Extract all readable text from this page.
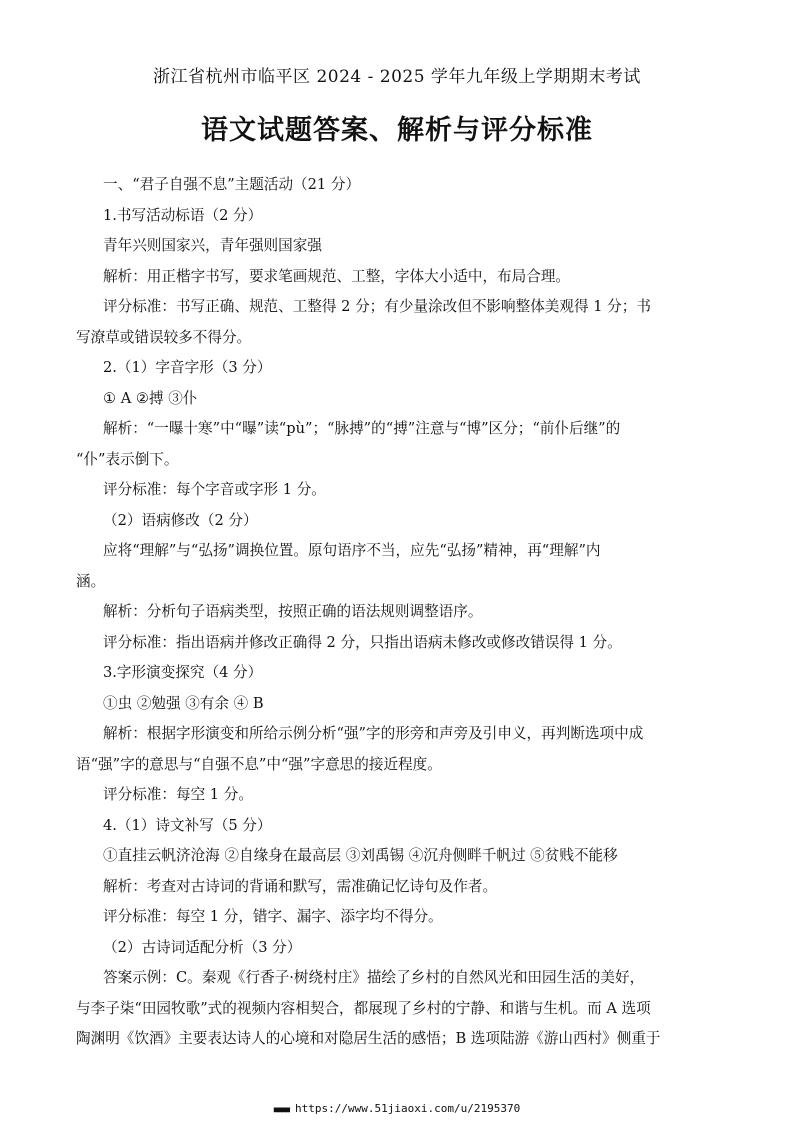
浙江省杭州市临平区 2024 - 2025 学年九年级上学期期末考试
语文试题答案、解析与评分标准

一、“君子自强不息”主题活动（21 分）

1.书写活动标语（2 分）

青年兴则国家兴，青年强则国家强

解析：用正楷字书写，要求笔画规范、工整，字体大小适中，布局合理。

评分标准：书写正确、规范、工整得 2 分；有少量涂改但不影响整体美观得 1 分；书

写潦草或错误较多不得分。

2.（1）字音字形（3 分）

① A ②搏 ③仆

解析：“一曝十寒”中“曝”读“pù”；“脉搏”的“搏”注意与“博”区分；“前仆后继”的

“仆”表示倒下。

评分标准：每个字音或字形 1 分。

（2）语病修改（2 分）

应将“理解”与“弘扬”调换位置。原句语序不当，应先“弘扬”精神，再“理解”内

涵。

解析：分析句子语病类型，按照正确的语法规则调整语序。

评分标准：指出语病并修改正确得 2 分，只指出语病未修改或修改错误得 1 分。

3.字形演变探究（4 分）

①虫 ②勉强 ③有余 ④ B

解析：根据字形演变和所给示例分析“强”字的形旁和声旁及引申义，再判断选项中成

语“强”字的意思与“自强不息”中“强”字意思的接近程度。

评分标准：每空 1 分。

4.（1）诗文补写（5 分）

①直挂云帆济沧海 ②自缘身在最高层 ③刘禹锡 ④沉舟侧畔千帆过 ⑤贫贱不能移

解析：考查对古诗词的背诵和默写，需准确记忆诗句及作者。

评分标准：每空 1 分，错字、漏字、添字均不得分。

（2）古诗词适配分析（3 分）

答案示例：C。秦观《行香子·树绕村庄》描绘了乡村的自然风光和田园生活的美好，

与李子柒“田园牧歌”式的视频内容相契合，都展现了乡村的宁静、和谐与生机。而 A 选项

陶渊明《饮酒》主要表达诗人的心境和对隐居生活的感悟；B 选项陆游《游山西村》侧重于

■■■■ https://www.51jiaoxi.com/u/2195370
